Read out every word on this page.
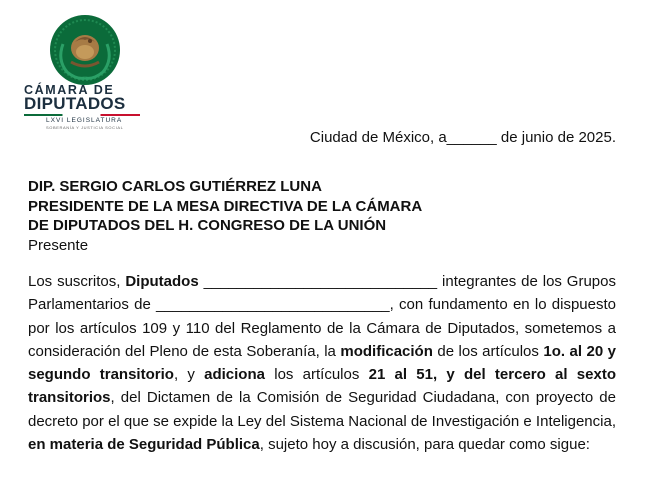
CÁMARA DE
DIPUTADOS
LXVI LEGISLATURA
SOBERANÍA Y JUSTICIA SOCIAL
Ciudad de México, a______ de junio de 2025.
DIP. SERGIO CARLOS GUTIÉRREZ LUNA
PRESIDENTE DE LA MESA DIRECTIVA DE LA CÁMARA
DE DIPUTADOS DEL H. CONGRESO DE LA UNIÓN
Presente
Los suscritos, Diputados ____________________________ integrantes de los Grupos Parlamentarios de ____________________________, con fundamento en lo dispuesto por los artículos 109 y 110 del Reglamento de la Cámara de Diputados, sometemos a consideración del Pleno de esta Soberanía, la modificación de los artículos 1o. al 20 y segundo transitorio, y adiciona los artículos 21 al 51, y del tercero al sexto transitorios, del Dictamen de la Comisión de Seguridad Ciudadana, con proyecto de decreto por el que se expide la Ley del Sistema Nacional de Investigación e Inteligencia, en materia de Seguridad Pública, sujeto hoy a discusión, para quedar como sigue:
